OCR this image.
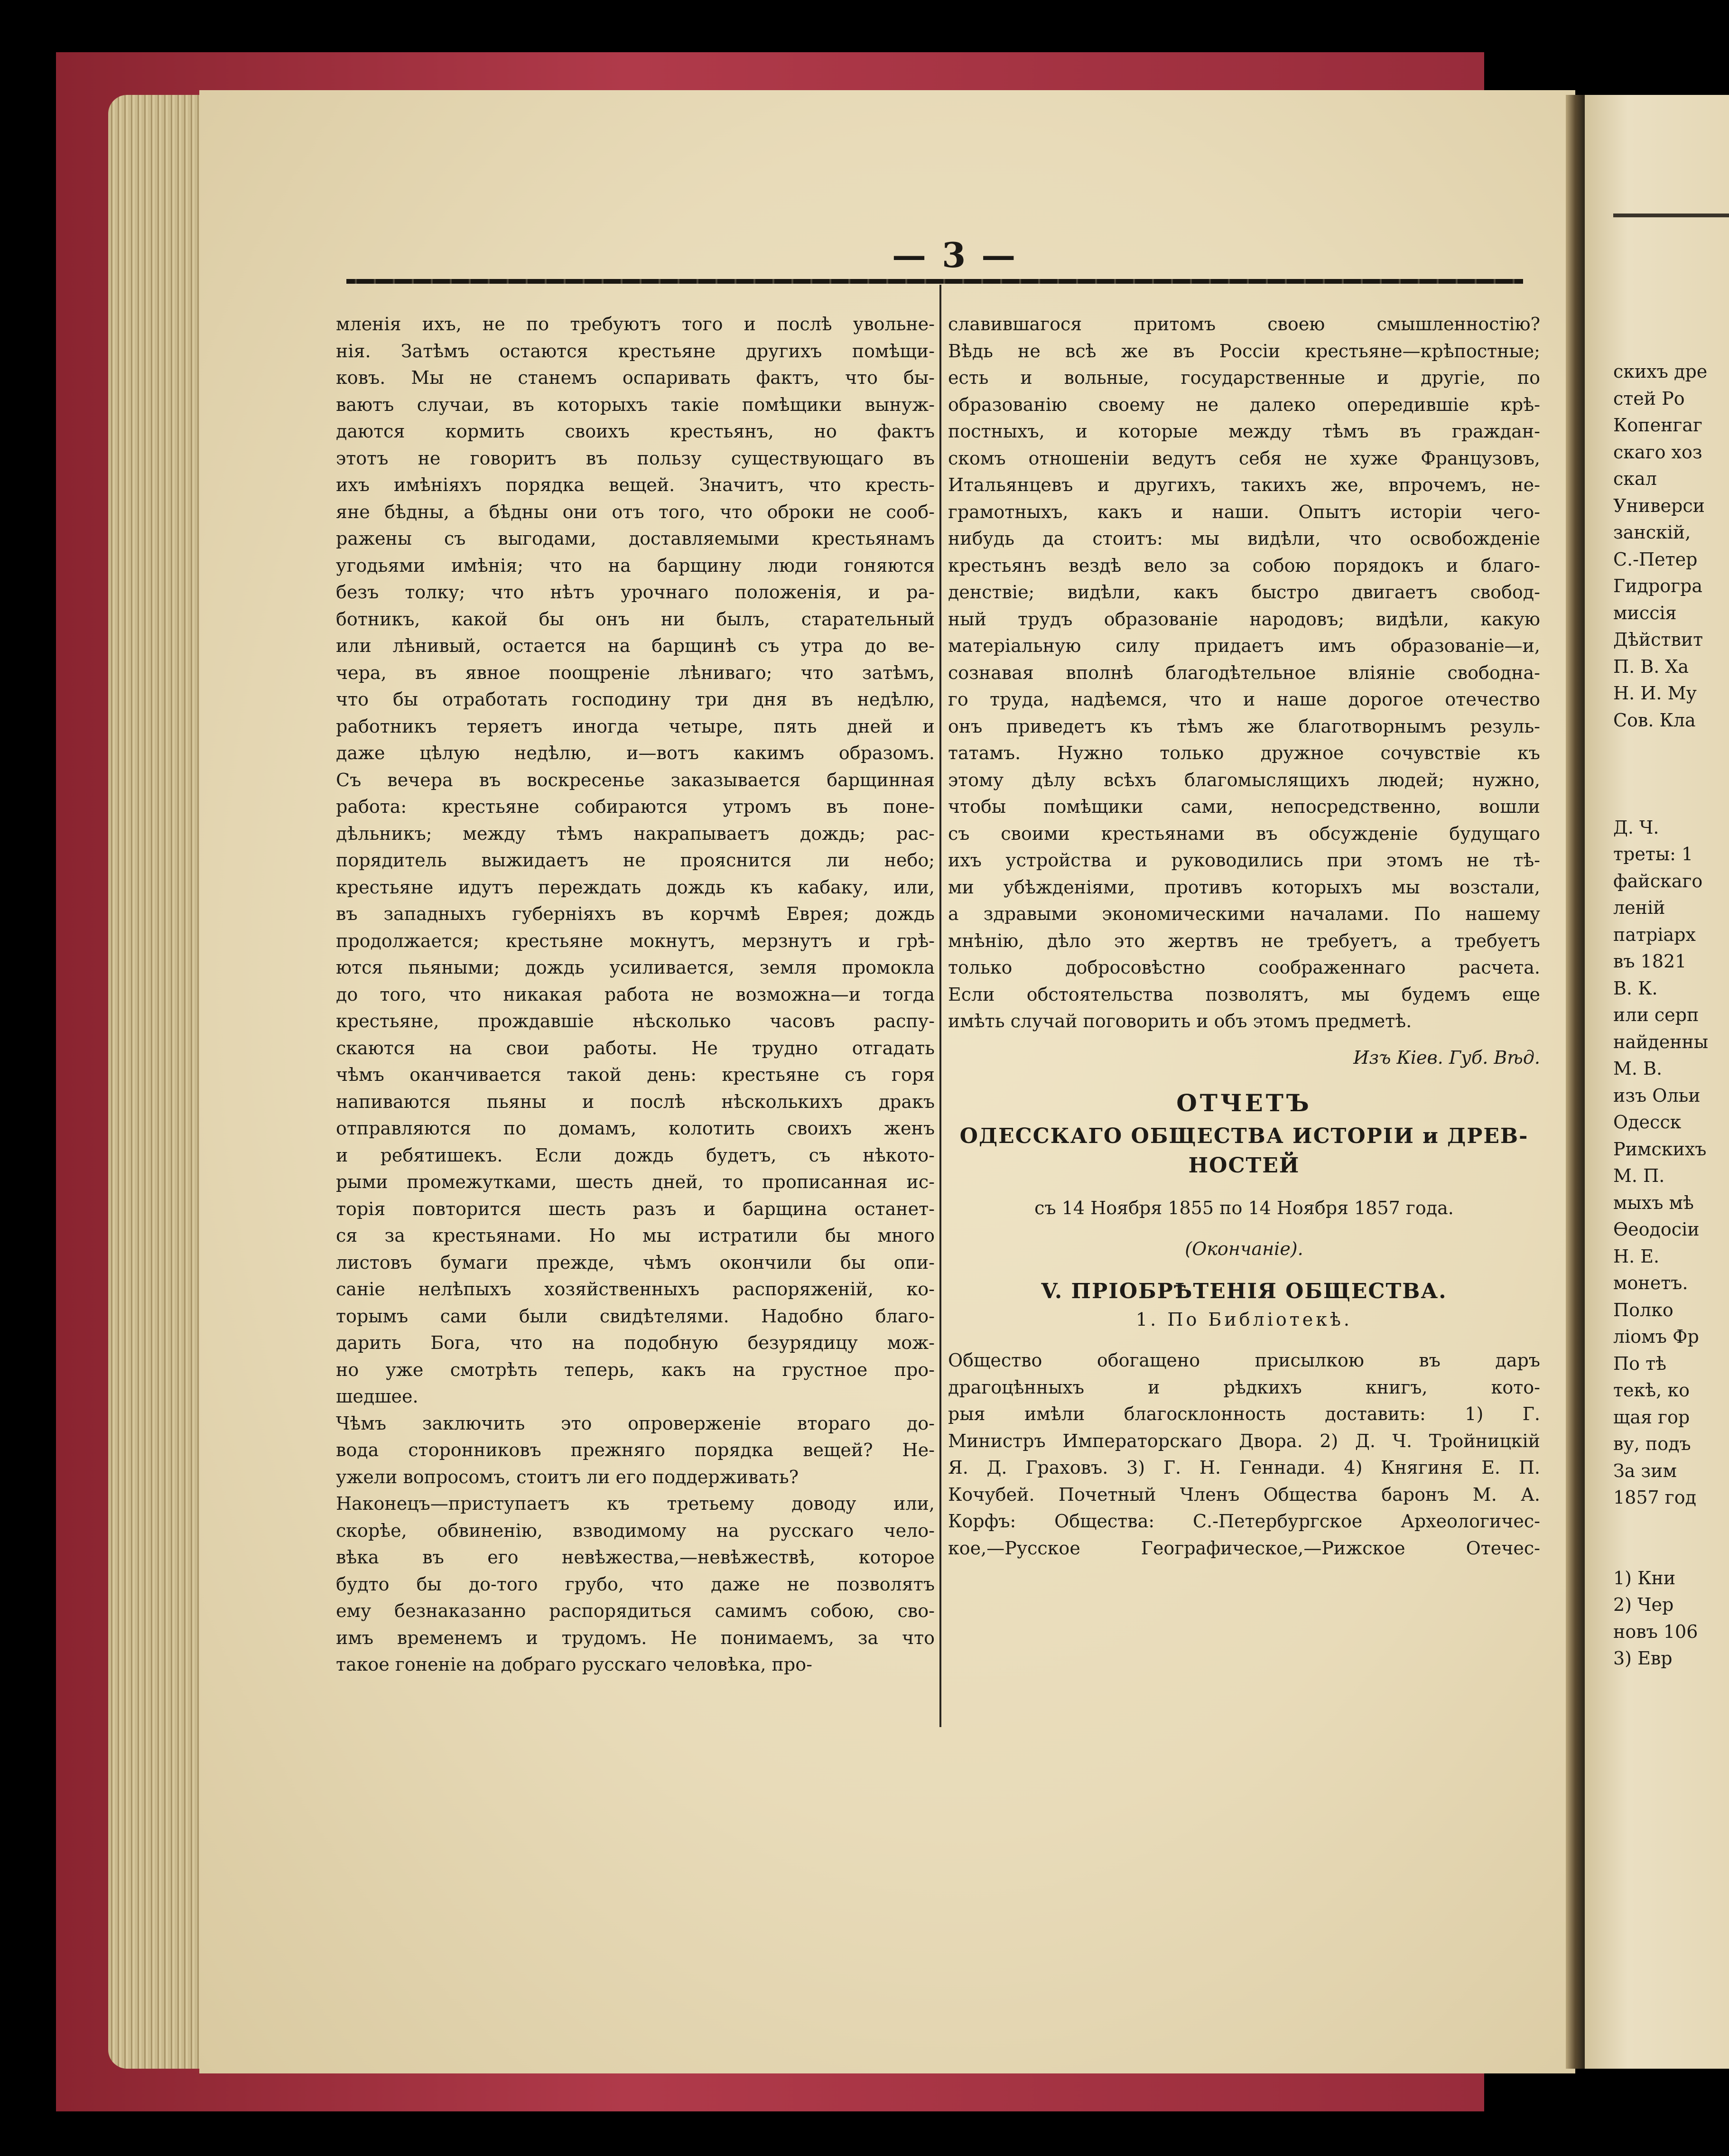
скихъ дре
стей Ро
Копенгаг
скаго хоз
скал
Универси
занскій,
С.-Петер
Гидрогра
миссія
Дѣйствит
П. В. Ха
Н. И. Му
Сов. Кла
Д. Ч.
треты: 1
файскаго
леній
патріарх
въ 1821
В. К.
или серп
найденны
М. В.
изъ Ольи
Одесск
Римскихъ
М. П.
мыхъ мѣ
Ѳеодосіи
Н. Е.
монетъ.
Полко
ліомъ Фр
По тѣ
текѣ, ко
щая гор
ву, подъ
За зим
1857 год
1) Кни
2) Чер
новъ 106
3) Евр
— 3 —

мленія ихъ, не по требуютъ того и послѣ увольне-

нія. Затѣмъ остаются крестьяне другихъ помѣщи-

ковъ. Мы не станемъ оспаривать фактъ, что бы-

ваютъ случаи, въ которыхъ такіе помѣщики вынуж-

даются кормить своихъ крестьянъ, но фактъ

этотъ не говоритъ въ пользу существующаго въ

ихъ имѣніяхъ порядка вещей. Значитъ, что кресть-

яне бѣдны, а бѣдны они отъ того, что оброки не сооб-

ражены съ выгодами, доставляемыми крестьянамъ

угодьями имѣнія; что на барщину люди гоняются

безъ толку; что нѣтъ урочнаго положенія, и ра-

ботникъ, какой бы онъ ни былъ, старательный

или лѣнивый, остается на барщинѣ съ утра до ве-

чера, въ явное поощреніе лѣниваго; что затѣмъ,

что бы отработать господину три дня въ недѣлю,

работникъ теряетъ иногда четыре, пять дней и

даже цѣлую недѣлю, и—вотъ какимъ образомъ.

Съ вечера въ воскресенье заказывается барщинная

работа: крестьяне собираются утромъ въ поне-

дѣльникъ; между тѣмъ накрапываетъ дождь; рас-

порядитель выжидаетъ не прояснится ли небо;

крестьяне идутъ переждать дождь къ кабаку, или,

въ западныхъ губерніяхъ въ корчмѣ Еврея; дождь

продолжается; крестьяне мокнутъ, мерзнутъ и грѣ-

ются пьяными; дождь усиливается, земля промокла

до того, что никакая работа не возможна—и тогда

крестьяне, прождавшіе нѣсколько часовъ распу-

скаются на свои работы. Не трудно отгадать

чѣмъ оканчивается такой день: крестьяне съ горя

напиваются пьяны и послѣ нѣсколькихъ дракъ

отправляются по домамъ, колотить своихъ женъ

и ребятишекъ. Если дождь будетъ, съ нѣкото-

рыми промежутками, шесть дней, то прописанная ис-

торія повторится шесть разъ и барщина останет-

ся за крестьянами. Но мы истратили бы много

листовъ бумаги прежде, чѣмъ окончили бы опи-

саніе нелѣпыхъ хозяйственныхъ распоряженій, ко-

торымъ сами были свидѣтелями. Надобно благо-

дарить Бога, что на подобную безурядицу мож-

но уже смотрѣть теперь, какъ на грустное про-

шедшее.

Чѣмъ заключить это опроверженіе втораго до-

вода сторонниковъ прежняго порядка вещей? Не-

ужели вопросомъ, стоитъ ли его поддерживать?

Наконецъ—приступаетъ къ третьему доводу или,

скорѣе, обвиненію, взводимому на русскаго чело-

вѣка въ его невѣжества,—невѣжествѣ, которое

будто бы до-того грубо, что даже не позволятъ

ему безнаказанно распорядиться самимъ собою, сво-

имъ временемъ и трудомъ. Не понимаемъ, за что

такое гоненіе на добраго русскаго человѣка, про-

славившагося притомъ своею смышленностію?

Вѣдь не всѣ же въ Россіи крестьяне—крѣпостные;

есть и вольные, государственные и другіе, по

образованію своему не далеко опередившіе крѣ-

постныхъ, и которые между тѣмъ въ граждан-

скомъ отношеніи ведутъ себя не хуже Французовъ,

Итальянцевъ и другихъ, такихъ же, впрочемъ, не-

грамотныхъ, какъ и наши. Опытъ исторіи чего-

нибудь да стоитъ: мы видѣли, что освобожденіе

крестьянъ вездѣ вело за собою порядокъ и благо-

денствіе; видѣли, какъ быстро двигаетъ свобод-

ный трудъ образованіе народовъ; видѣли, какую

матеріальную силу придаетъ имъ образованіе—и,

сознавая вполнѣ благодѣтельное вліяніе свободна-

го труда, надѣемся, что и наше дорогое отечество

онъ приведетъ къ тѣмъ же благотворнымъ резуль-

татамъ. Нужно только дружное сочувствіе къ

этому дѣлу всѣхъ благомыслящихъ людей; нужно,

чтобы помѣщики сами, непосредственно, вошли

съ своими крестьянами въ обсужденіе будущаго

ихъ устройства и руководились при этомъ не тѣ-

ми убѣжденіями, противъ которыхъ мы возстали,

а здравыми экономическими началами. По нашему

мнѣнію, дѣло это жертвъ не требуетъ, а требуетъ

только добросовѣстно соображеннаго расчета.

Если обстоятельства позволятъ, мы будемъ еще

имѣть случай поговорить и объ этомъ предметѣ.

Изъ Кіев. Губ. Вѣд.

ОТЧЕТЪ

ОДЕССКАГО ОБЩЕСТВА ИСТОРІИ и ДРЕВ-

НОСТЕЙ

съ 14 Ноября 1855 по 14 Ноября 1857 года.

(Окончаніе).

V. ПРІОБРѢТЕНІЯ ОБЩЕСТВА.

1. По Библіотекѣ.

Общество обогащено присылкою въ даръ

драгоцѣнныхъ и рѣдкихъ книгъ, кото-

рыя имѣли благосклонность доставить: 1) Г.

Министръ Императорскаго Двора. 2) Д. Ч. Тройницкій

Я. Д. Граховъ. 3) Г. Н. Геннади. 4) Княгиня Е. П.

Кочубей. Почетный Членъ Общества баронъ М. А.

Корфъ: Общества: С.-Петербургское Археологичес-

кое,—Русское Географическое,—Рижское Отечес-
